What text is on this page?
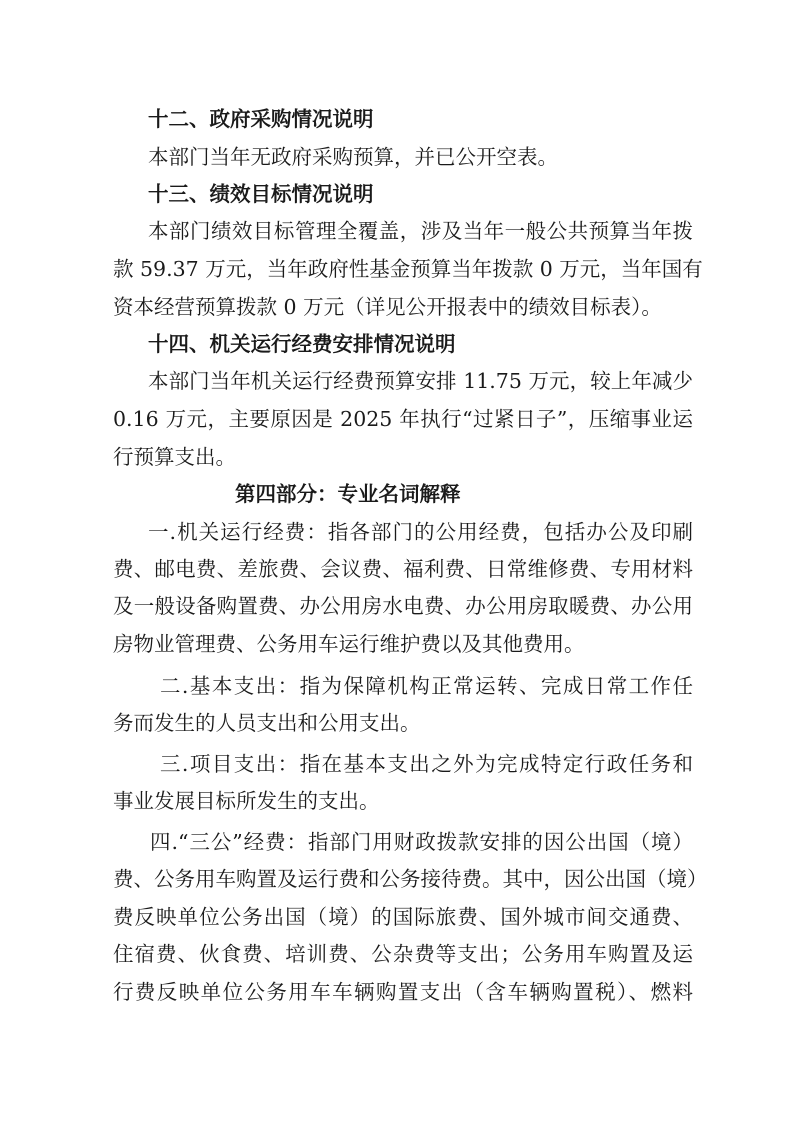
十二、政府采购情况说明
本部门当年无政府采购预算，并已公开空表。
十三、绩效目标情况说明
本部门绩效目标管理全覆盖，涉及当年一般公共预算当年拨
款 59.37 万元，当年政府性基金预算当年拨款 0 万元，当年国有
资本经营预算拨款 0 万元（详见公开报表中的绩效目标表）。
十四、机关运行经费安排情况说明
本部门当年机关运行经费预算安排 11.75 万元，较上年减少
0.16 万元，主要原因是 2025 年执行“过紧日子”，压缩事业运
行预算支出。
第四部分：专业名词解释
一.机关运行经费：指各部门的公用经费，包括办公及印刷
费、邮电费、差旅费、会议费、福利费、日常维修费、专用材料
及一般设备购置费、办公用房水电费、办公用房取暖费、办公用
房物业管理费、公务用车运行维护费以及其他费用。
二.基本支出：指为保障机构正常运转、完成日常工作任
务而发生的人员支出和公用支出。
三.项目支出：指在基本支出之外为完成特定行政任务和
事业发展目标所发生的支出。
四.“三公”经费：指部门用财政拨款安排的因公出国（境）
费、公务用车购置及运行费和公务接待费。其中，因公出国（境）
费反映单位公务出国（境）的国际旅费、国外城市间交通费、
住宿费、伙食费、培训费、公杂费等支出；公务用车购置及运
行费反映单位公务用车车辆购置支出（含车辆购置税）、燃料
